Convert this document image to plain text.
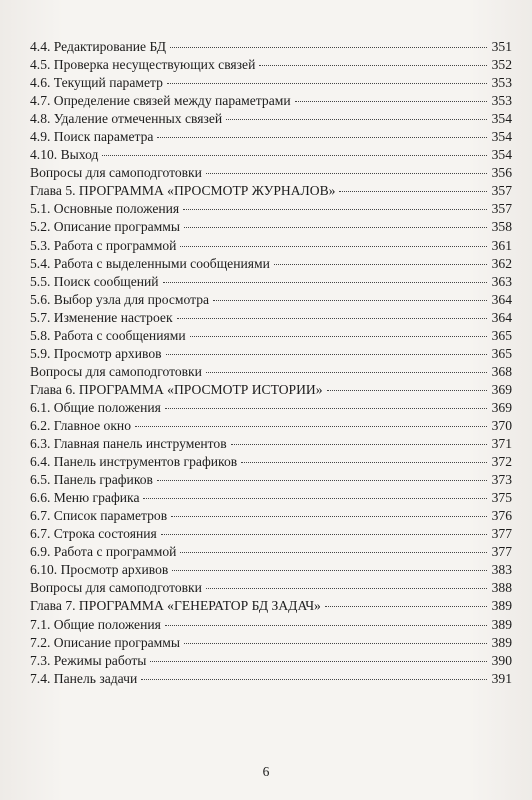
4.4. Редактирование БД	351
4.5. Проверка несуществующих связей	352
4.6. Текущий параметр	353
4.7. Определение связей между параметрами	353
4.8. Удаление отмеченных связей	354
4.9. Поиск параметра	354
4.10. Выход	354
Вопросы для самоподготовки	356
Глава 5. ПРОГРАММА «ПРОСМОТР ЖУРНАЛОВ»	357
5.1. Основные положения	357
5.2. Описание программы	358
5.3. Работа с программой	361
5.4. Работа с выделенными сообщениями	362
5.5. Поиск сообщений	363
5.6. Выбор узла для просмотра	364
5.7. Изменение настроек	364
5.8. Работа с сообщениями	365
5.9. Просмотр архивов	365
Вопросы для самоподготовки	368
Глава 6. ПРОГРАММА «ПРОСМОТР ИСТОРИИ»	369
6.1. Общие положения	369
6.2. Главное окно	370
6.3. Главная панель инструментов	371
6.4. Панель инструментов графиков	372
6.5. Панель графиков	373
6.6. Меню графика	375
6.7. Список параметров	376
6.7. Строка состояния	377
6.9. Работа с программой	377
6.10. Просмотр архивов	383
Вопросы для самоподготовки	388
Глава 7. ПРОГРАММА «ГЕНЕРАТОР БД ЗАДАЧ»	389
7.1. Общие положения	389
7.2. Описание программы	389
7.3. Режимы работы	390
7.4. Панель задачи	391
6
